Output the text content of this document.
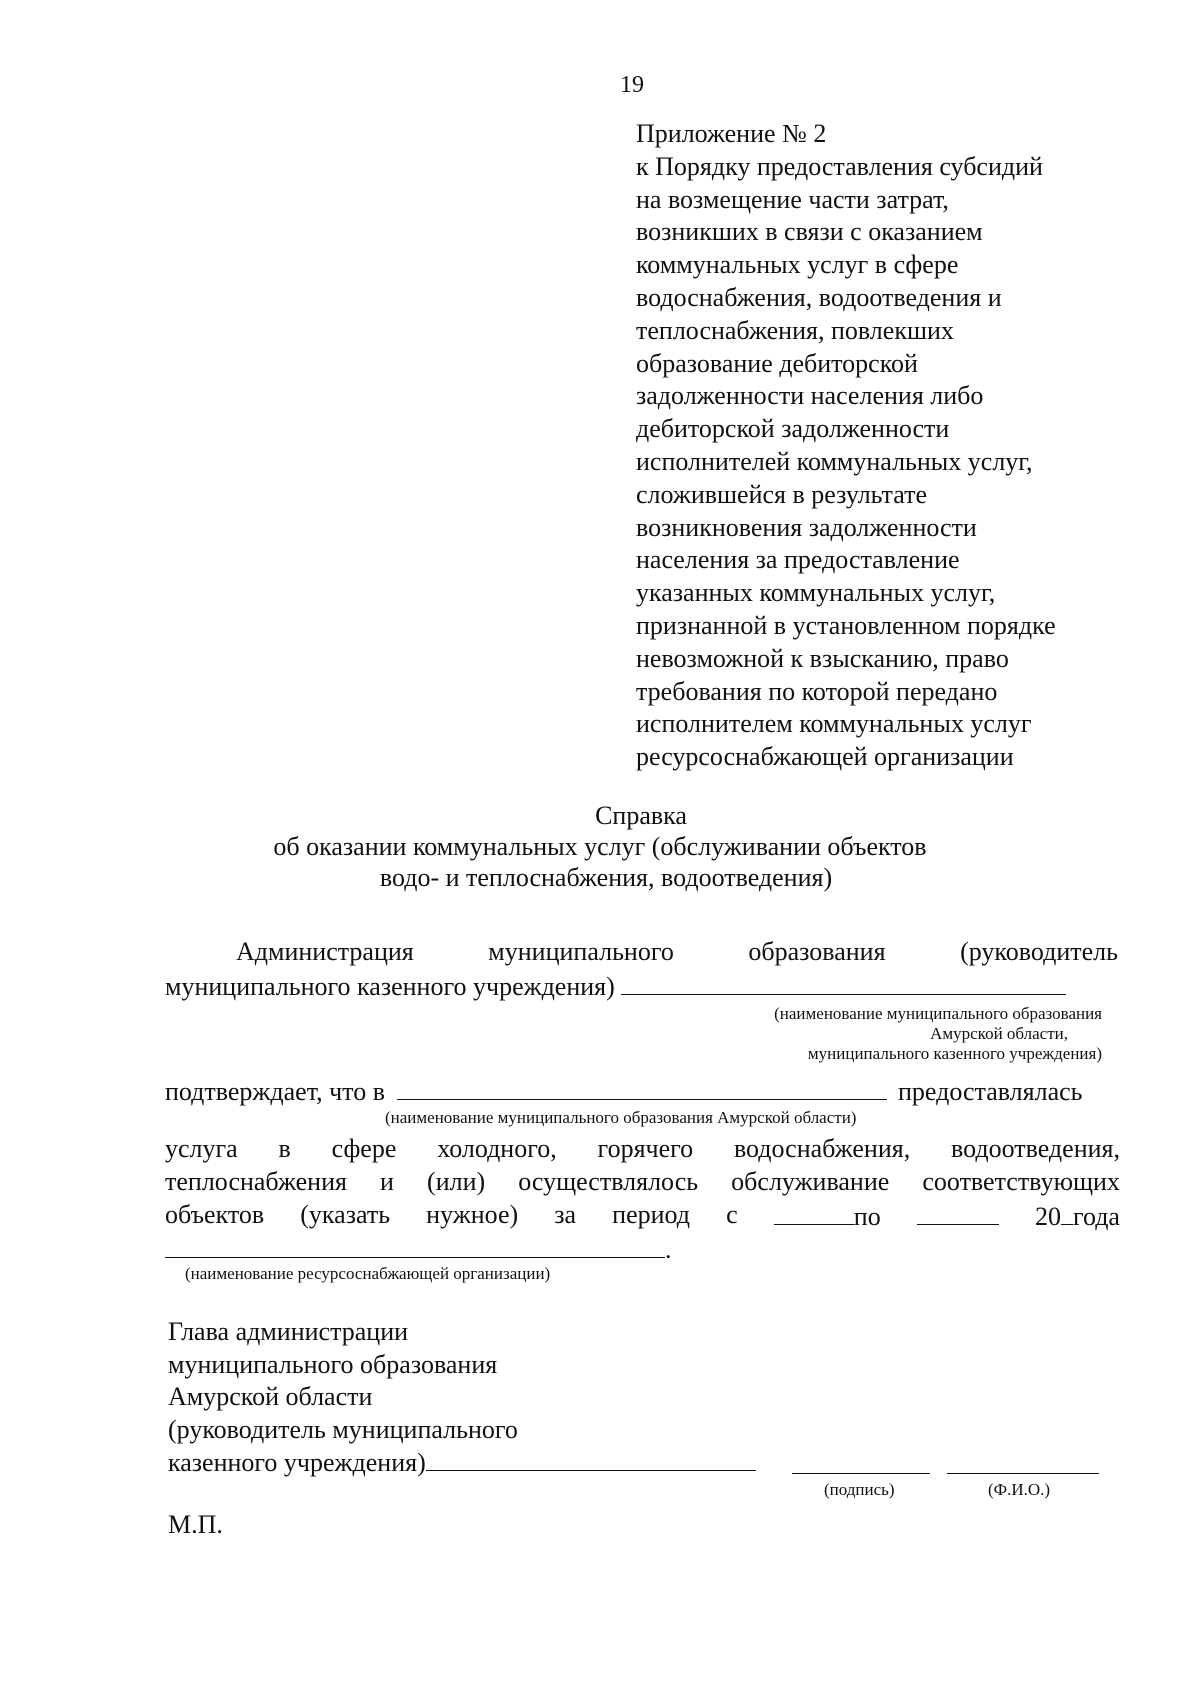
19
Приложение № 2
к Порядку предоставления субсидий
на возмещение части затрат,
возникших в связи с оказанием
коммунальных услуг в сфере
водоснабжения, водоотведения и
теплоснабжения, повлекших
образование дебиторской
задолженности населения либо
дебиторской задолженности
исполнителей коммунальных услуг,
сложившейся в результате
возникновения задолженности
населения за предоставление
указанных коммунальных услуг,
признанной в установленном порядке
невозможной к взысканию, право
требования по которой передано
исполнителем коммунальных услуг
ресурсоснабжающей организации
Справка
об оказании коммунальных услуг (обслуживании объектов
водо- и теплоснабжения, водоотведения)
Администрация	муниципального	образования	(руководитель
муниципального казенного учреждения)
(наименование муниципального образования
Амурской области,
муниципального казенного учреждения)
подтверждает, что в	предоставлялась
(наименование муниципального образования Амурской области)
услуга в сфере холодного, горячего водоснабжения, водоотведения,
теплоснабжения и (или) осуществлялось обслуживание соответствующих
объектов (указать нужное) за период с	по	20 года
.
(наименование ресурсоснабжающей организации)
Глава администрации
муниципального образования
Амурской области
(руководитель муниципального
казенного учреждения)
(подпись)	(Ф.И.О.)
М.П.
